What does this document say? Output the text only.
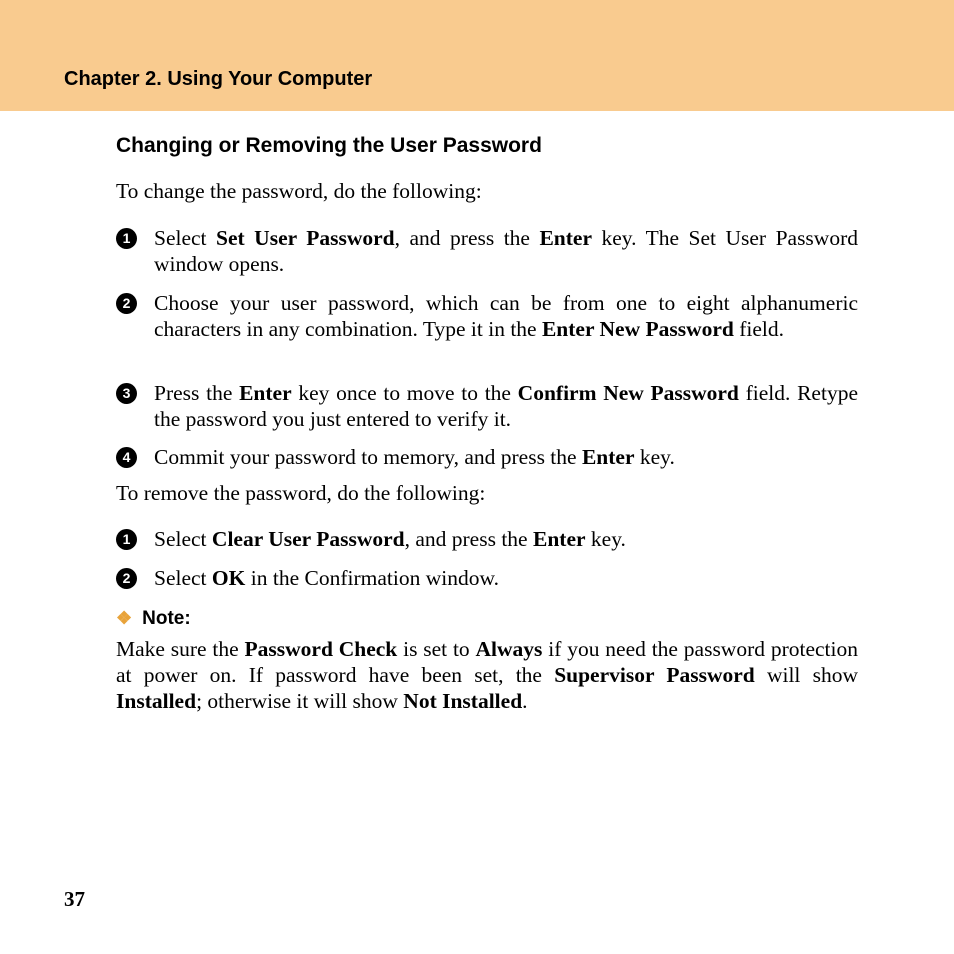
Chapter 2. Using Your Computer
Changing or Removing the User Password
To change the password, do the following:
1	Select Set User Password, and press the Enter key. The Set User Password window opens.
2	Choose your user password, which can be from one to eight alphanumeric characters in any combination. Type it in the Enter New Password field.
3	Press the Enter key once to move to the Confirm New Password field. Retype the password you just entered to verify it.
4	Commit your password to memory, and press the Enter key.
To remove the password, do the following:
1	Select Clear User Password, and press the Enter key.
2	Select OK in the Confirmation window.
❖ Note:
Make sure the Password Check is set to Always if you need the password protection at power on. If password have been set, the Supervisor Password will show Installed; otherwise it will show Not Installed.
37
